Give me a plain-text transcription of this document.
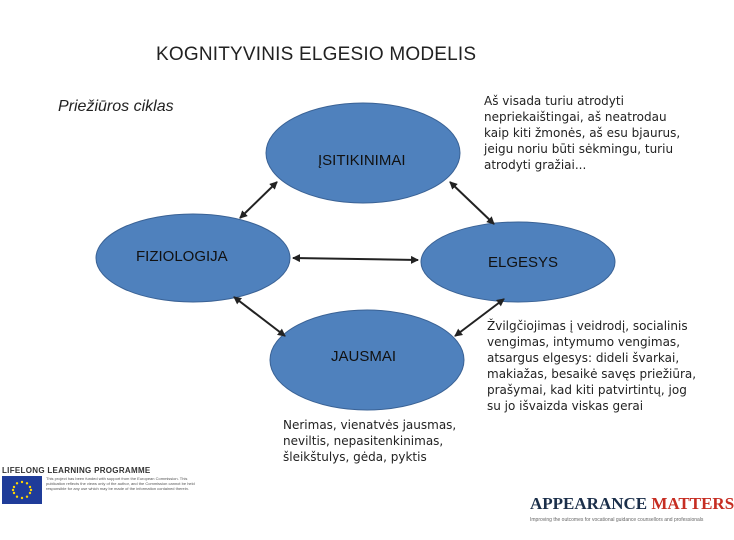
KOGNITYVINIS ELGESIO MODELIS
Priežiūros ciklas
ĮSITIKINIMAI
FIZIOLOGIJA	ELGESYS
JAUSMAI
Aš visada turiu atrodyti nepriekaištingai, aš neatrodau kaip kiti žmonės, aš esu bjaurus, jeigu noriu būti sėkmingu, turiu atrodyti gražiai...
Žvilgčiojimas į veidrodį, socialinis vengimas, intymumo vengimas, atsargus elgesys: dideli švarkai, makiažas, besaikė savęs priežiūra, prašymai, kad kiti patvirtintų, jog su jo išvaizda viskas gerai
Nerimas, vienatvės jausmas, neviltis, nepasitenkinimas, šleikštulys, gėda, pyktis
LIFELONG LEARNING PROGRAMME
This project has been funded with support from the European Commission. This publication reflects the views only of the author, and the Commission cannot be held responsible for any use which may be made of the information contained therein.
APPEARANCE MATTERS
Improving the outcomes for vocational guidance counsellors and professionals
